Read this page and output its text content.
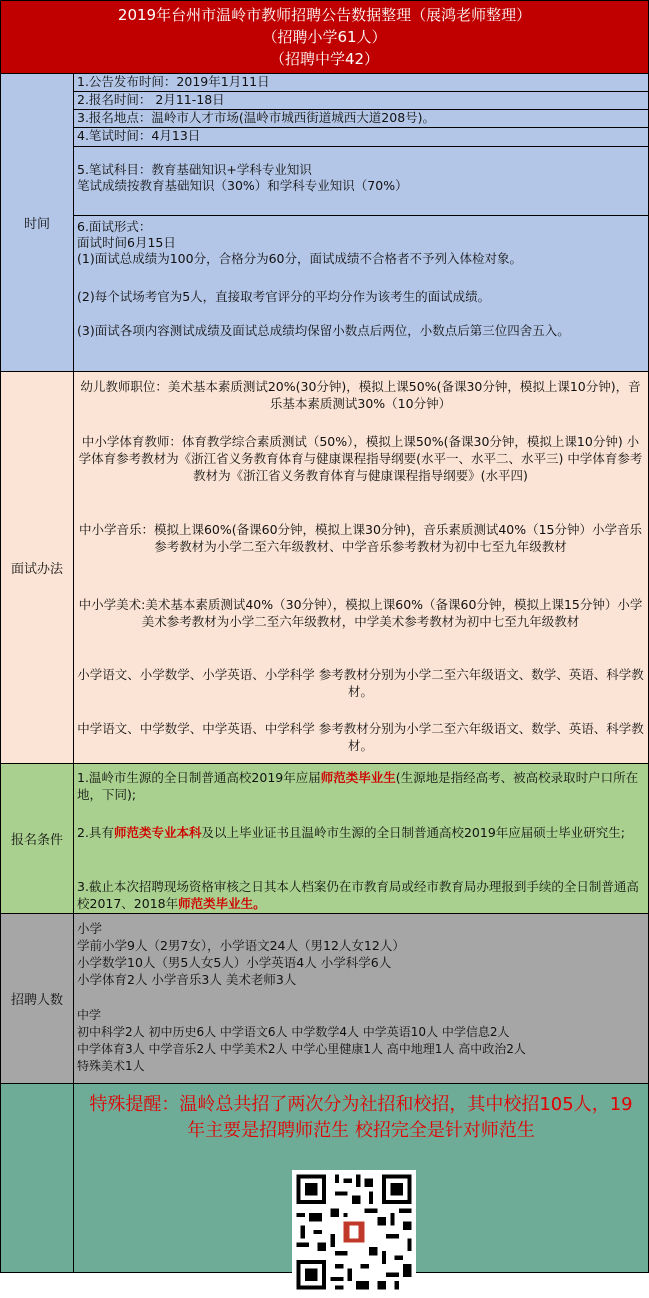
2019年台州市温岭市教师招聘公告数据整理（展鸿老师整理）
（招聘小学61人）
（招聘中学42）
时间
1.公告发布时间：2019年1月11日
2.报名时间： 2月11-18日
3.报名地点：温岭市人才市场(温岭市城西街道城西大道208号)。
4.笔试时间：4月13日
5.笔试科目：教育基础知识+学科专业知识
笔试成绩按教育基础知识（30%）和学科专业知识（70%）
6.面试形式：
面试时间6月15日
(1)面试总成绩为100分，合格分为60分，面试成绩不合格者不予列入体检对象。
(2)每个试场考官为5人，直接取考官评分的平均分作为该考生的面试成绩。
(3)面试各项内容测试成绩及面试总成绩均保留小数点后两位，小数点后第三位四舍五入。
面试办法
幼儿教师职位：美术基本素质测试20%(30分钟)，模拟上课50%(备课30分钟，模拟上课10分钟)，音乐基本素质测试30%（10分钟）
中小学体育教师：体育教学综合素质测试（50%），模拟上课50%(备课30分钟，模拟上课10分钟) 小学体育参考教材为《浙江省义务教育体育与健康课程指导纲要(水平一、水平二、水平三) 中学体育参考教材为《浙江省义务教育体育与健康课程指导纲要》(水平四)
中小学音乐：模拟上课60%(备课60分钟，模拟上课30分钟)，音乐素质测试40%（15分钟）小学音乐参考教材为小学二至六年级教材、中学音乐参考教材为初中七至九年级教材
中小学美术:美术基本素质测试40%（30分钟），模拟上课60%（备课60分钟，模拟上课15分钟）小学美术参考教材为小学二至六年级教材，中学美术参考教材为初中七至九年级教材
小学语文、小学数学、小学英语、小学科学 参考教材分别为小学二至六年级语文、数学、英语、科学教材。
中学语文、中学数学、中学英语、中学科学 参考教材分别为小学二至六年级语文、数学、英语、科学教材。
报名条件
1.温岭市生源的全日制普通高校2019年应届师范类毕业生(生源地是指经高考、被高校录取时户口所在地，下同);
2.具有师范类专业本科及以上毕业证书且温岭市生源的全日制普通高校2019年应届硕士毕业研究生;
3.截止本次招聘现场资格审核之日其本人档案仍在市教育局或经市教育局办理报到手续的全日制普通高校2017、2018年师范类毕业生。
招聘人数
小学
学前小学9人（2男7女），小学语文24人（男12人女12人）
小学数学10人（男5人女5人）小学英语4人 小学科学6人
小学体育2人 小学音乐3人 美术老师3人
中学
初中科学2人 初中历史6人 中学语文6人 中学数学4人 中学英语10人 中学信息2人
中学体育3人 中学音乐2人 中学美术2人 中学心里健康1人 高中地理1人 高中政治2人
特殊美术1人
特殊提醒：温岭总共招了两次分为社招和校招，其中校招105人，19年主要是招聘师范生 校招完全是针对师范生
